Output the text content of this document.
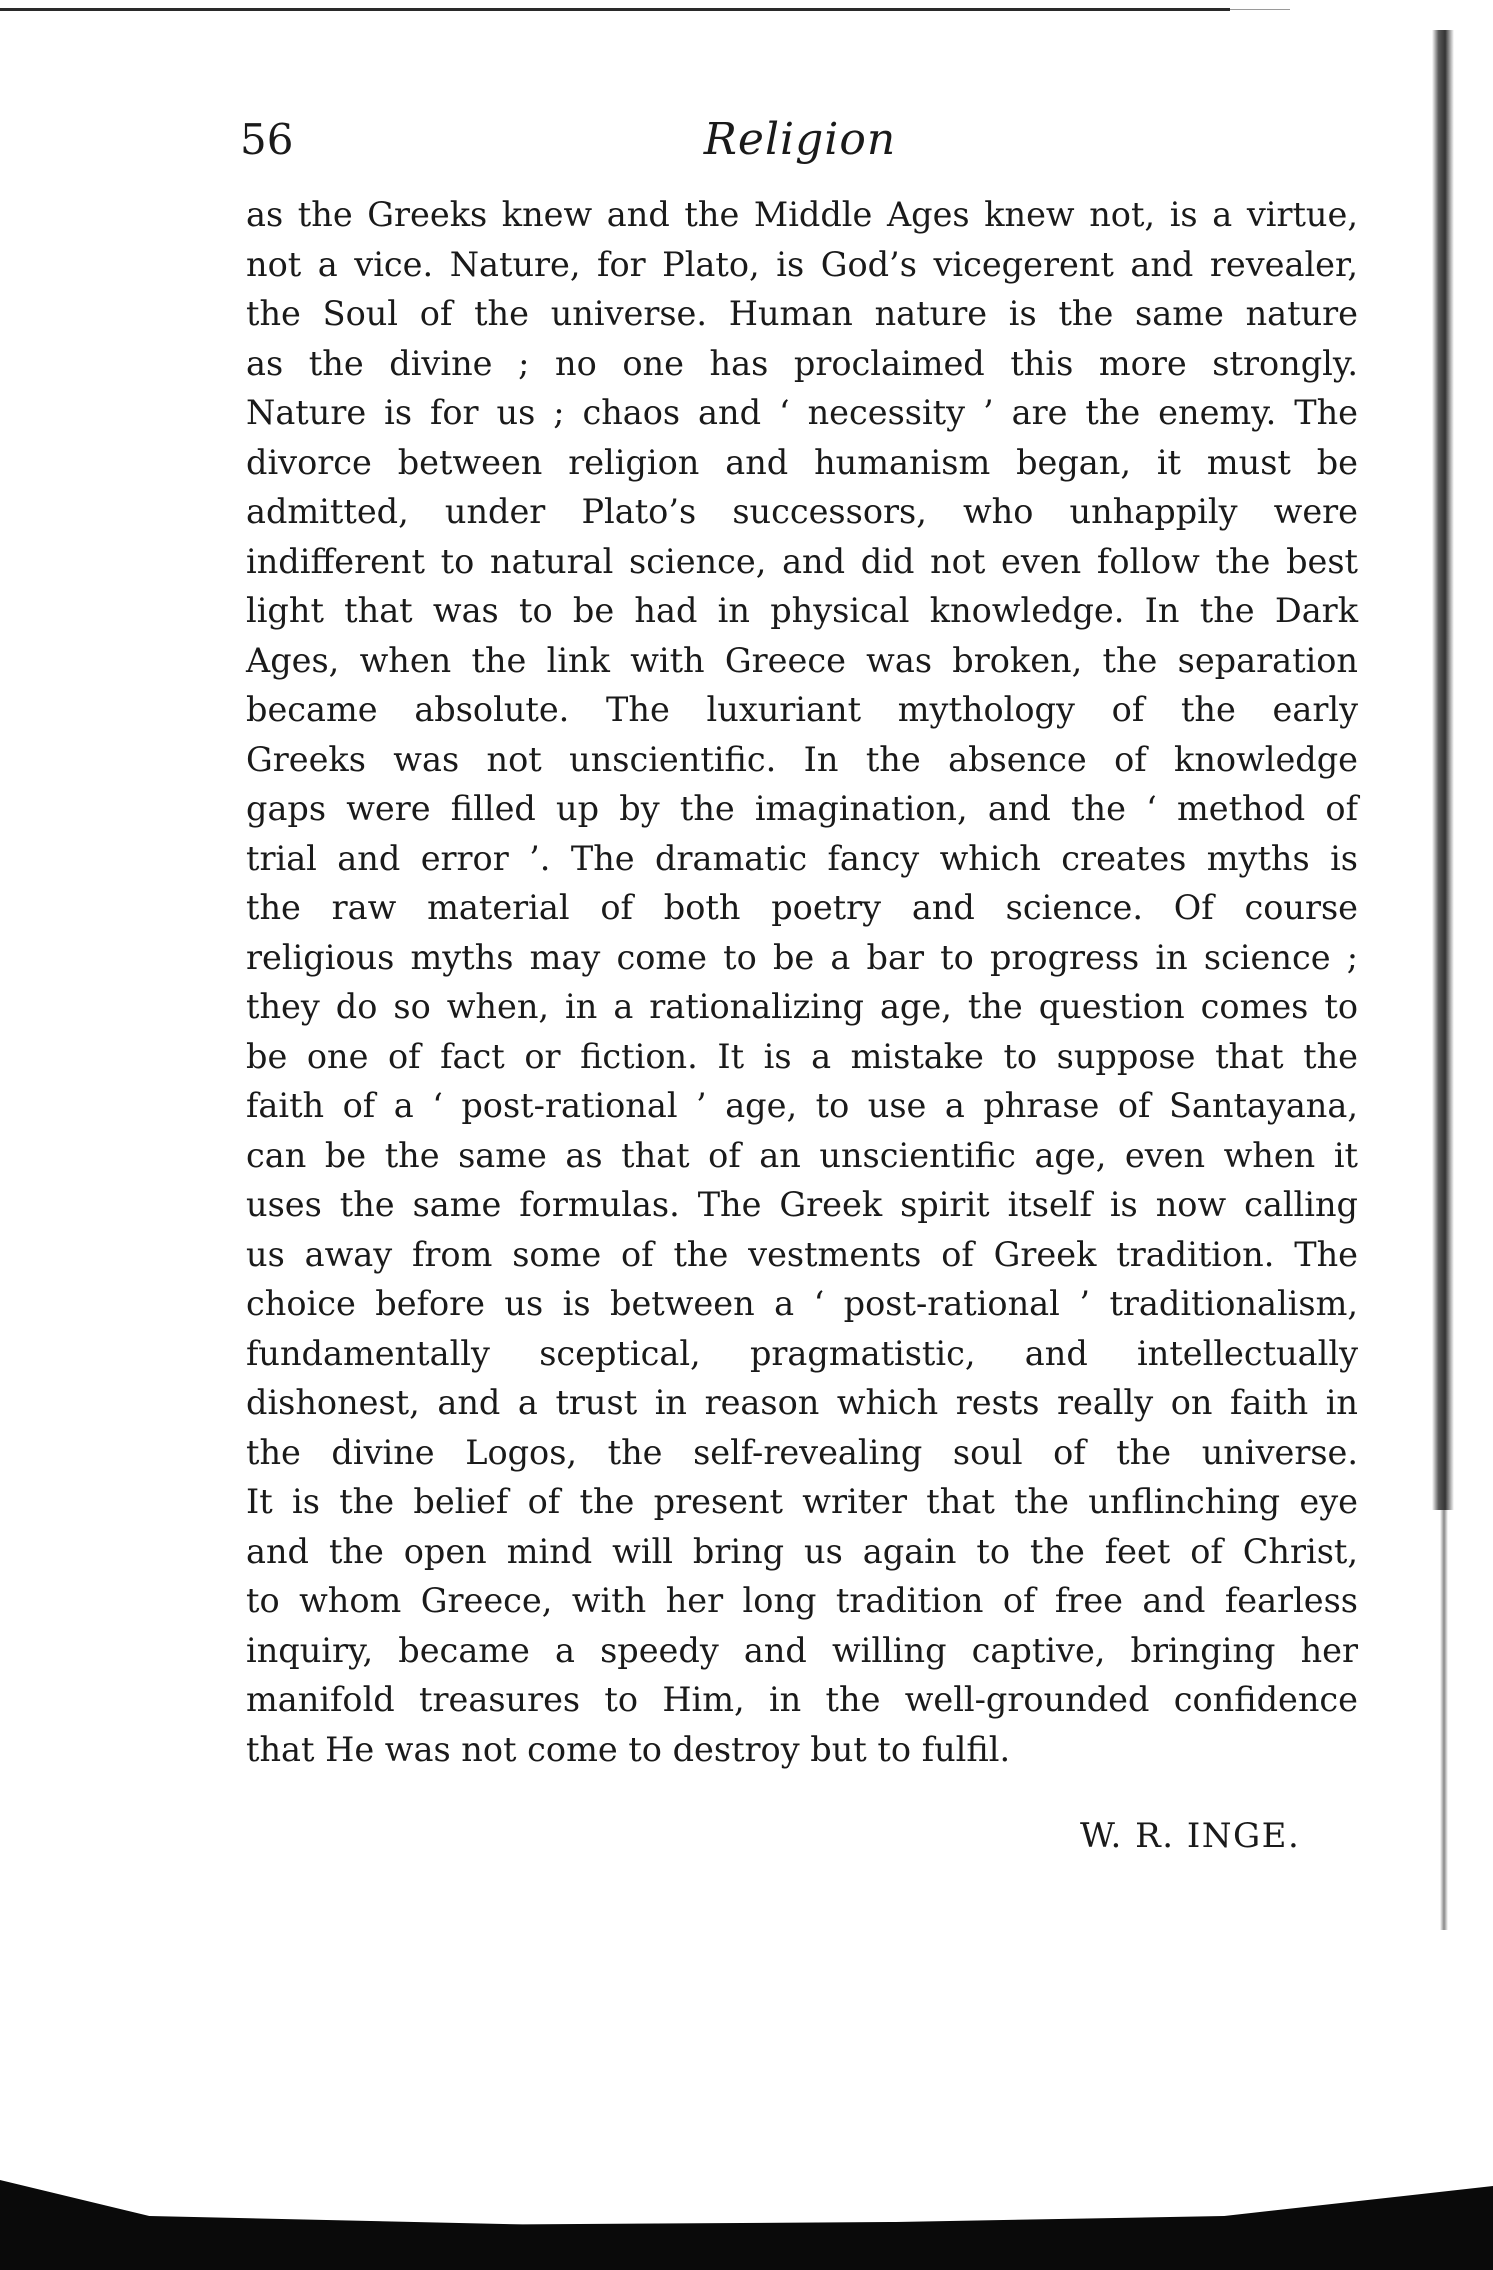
56	Religion
as the Greeks knew and the Middle Ages knew not, is a virtue,
not a vice. Nature, for Plato, is God’s vicegerent and revealer,
the Soul of the universe. Human nature is the same nature
as the divine ; no one has proclaimed this more strongly.
Nature is for us ; chaos and ‘ necessity ’ are the enemy. The
divorce between religion and humanism began, it must be
admitted, under Plato’s successors, who unhappily were
indifferent to natural science, and did not even follow the best
light that was to be had in physical knowledge. In the Dark
Ages, when the link with Greece was broken, the separation
became absolute. The luxuriant mythology of the early
Greeks was not unscientific. In the absence of knowledge
gaps were filled up by the imagination, and the ‘ method of
trial and error ’. The dramatic fancy which creates myths is
the raw material of both poetry and science. Of course
religious myths may come to be a bar to progress in science ;
they do so when, in a rationalizing age, the question comes to
be one of fact or fiction. It is a mistake to suppose that the
faith of a ‘ post-rational ’ age, to use a phrase of Santayana,
can be the same as that of an unscientific age, even when it
uses the same formulas. The Greek spirit itself is now calling
us away from some of the vestments of Greek tradition. The
choice before us is between a ‘ post-rational ’ traditionalism,
fundamentally sceptical, pragmatistic, and intellectually
dishonest, and a trust in reason which rests really on faith in
the divine Logos, the self-revealing soul of the universe.
It is the belief of the present writer that the unflinching eye
and the open mind will bring us again to the feet of Christ,
to whom Greece, with her long tradition of free and fearless
inquiry, became a speedy and willing captive, bringing her
manifold treasures to Him, in the well-grounded confidence
that He was not come to destroy but to fulfil.
W. R. INGE.
